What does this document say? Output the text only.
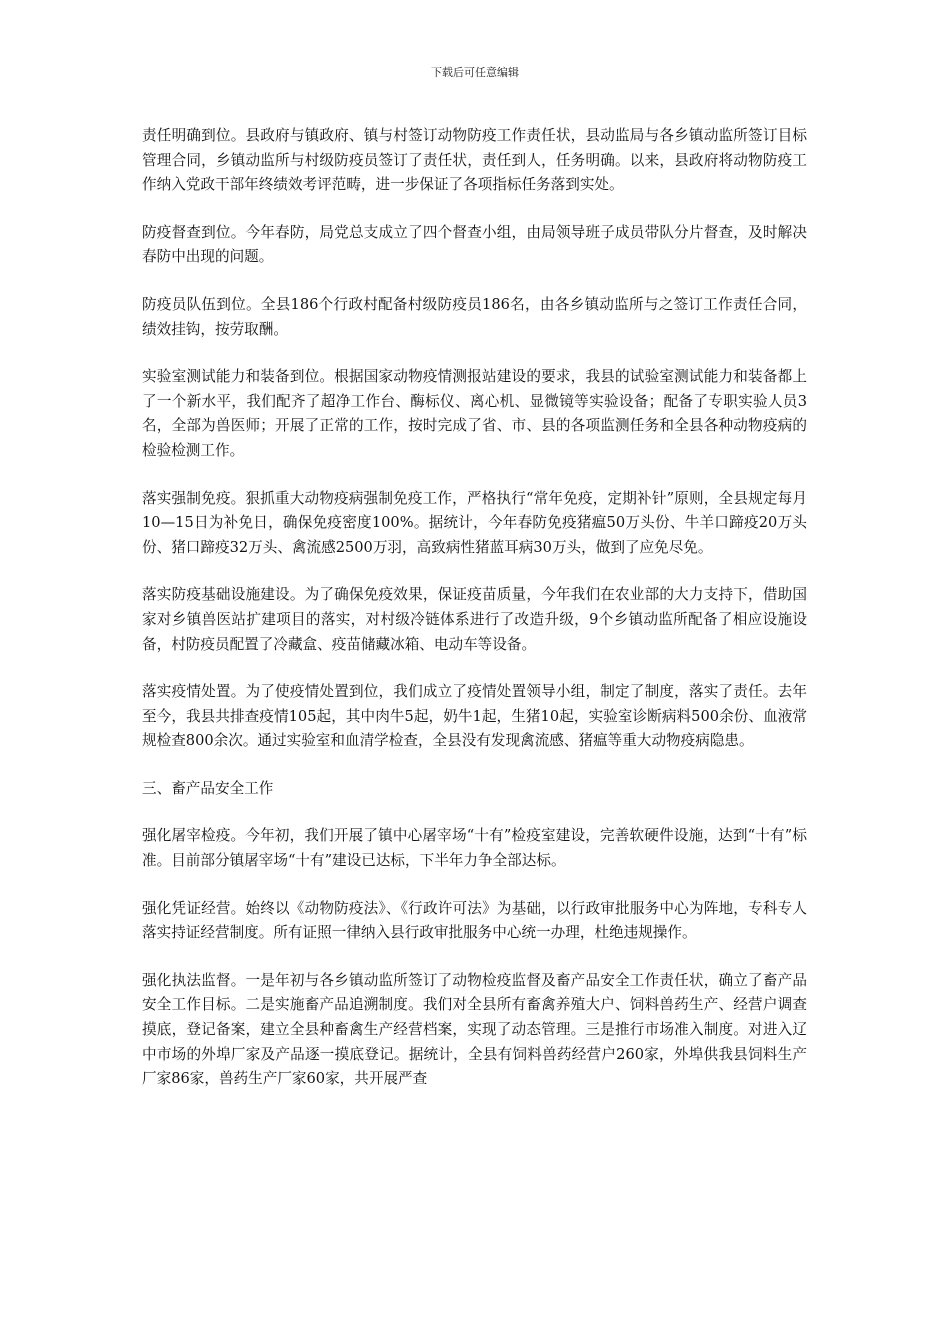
下载后可任意编辑

责任明确到位。县政府与镇政府、镇与村签订动物防疫工作责任状，县动监局与各乡镇动监所签订目标管理合同，乡镇动监所与村级防疫员签订了责任状，责任到人，任务明确。以来，县政府将动物防疫工作纳入党政干部年终绩效考评范畴，进一步保证了各项指标任务落到实处。

防疫督查到位。今年春防，局党总支成立了四个督查小组，由局领导班子成员带队分片督查，及时解决春防中出现的问题。

防疫员队伍到位。全县186个行政村配备村级防疫员186名，由各乡镇动监所与之签订工作责任合同，绩效挂钩，按劳取酬。

实验室测试能力和装备到位。根据国家动物疫情测报站建设的要求，我县的试验室测试能力和装备都上了一个新水平，我们配齐了超净工作台、酶标仪、离心机、显微镜等实验设备；配备了专职实验人员3名，全部为兽医师；开展了正常的工作，按时完成了省、市、县的各项监测任务和全县各种动物疫病的检验检测工作。

落实强制免疫。狠抓重大动物疫病强制免疫工作，严格执行“常年免疫，定期补针”原则，全县规定每月10—15日为补免日，确保免疫密度100%。据统计，今年春防免疫猪瘟50万头份、牛羊口蹄疫20万头份、猪口蹄疫32万头、禽流感2500万羽，高致病性猪蓝耳病30万头，做到了应免尽免。

落实防疫基础设施建设。为了确保免疫效果，保证疫苗质量，今年我们在农业部的大力支持下，借助国家对乡镇兽医站扩建项目的落实，对村级冷链体系进行了改造升级，9个乡镇动监所配备了相应设施设备，村防疫员配置了冷藏盒、疫苗储藏冰箱、电动车等设备。

落实疫情处置。为了使疫情处置到位，我们成立了疫情处置领导小组，制定了制度，落实了责任。去年至今，我县共排查疫情105起，其中肉牛5起，奶牛1起，生猪10起，实验室诊断病料500余份、血液常规检查800余次。通过实验室和血清学检查，全县没有发现禽流感、猪瘟等重大动物疫病隐患。

三、畜产品安全工作

强化屠宰检疫。今年初，我们开展了镇中心屠宰场“十有”检疫室建设，完善软硬件设施，达到“十有”标准。目前部分镇屠宰场“十有”建设已达标，下半年力争全部达标。

强化凭证经营。始终以《动物防疫法》、《行政许可法》为基础，以行政审批服务中心为阵地，专科专人落实持证经营制度。所有证照一律纳入县行政审批服务中心统一办理，杜绝违规操作。

强化执法监督。一是年初与各乡镇动监所签订了动物检疫监督及畜产品安全工作责任状，确立了畜产品安全工作目标。二是实施畜产品追溯制度。我们对全县所有畜禽养殖大户、饲料兽药生产、经营户调查摸底，登记备案，建立全县种畜禽生产经营档案，实现了动态管理。三是推行市场准入制度。对进入辽中市场的外埠厂家及产品逐一摸底登记。据统计，全县有饲料兽药经营户260家，外埠供我县饲料生产厂家86家，兽药生产厂家60家，共开展严查
